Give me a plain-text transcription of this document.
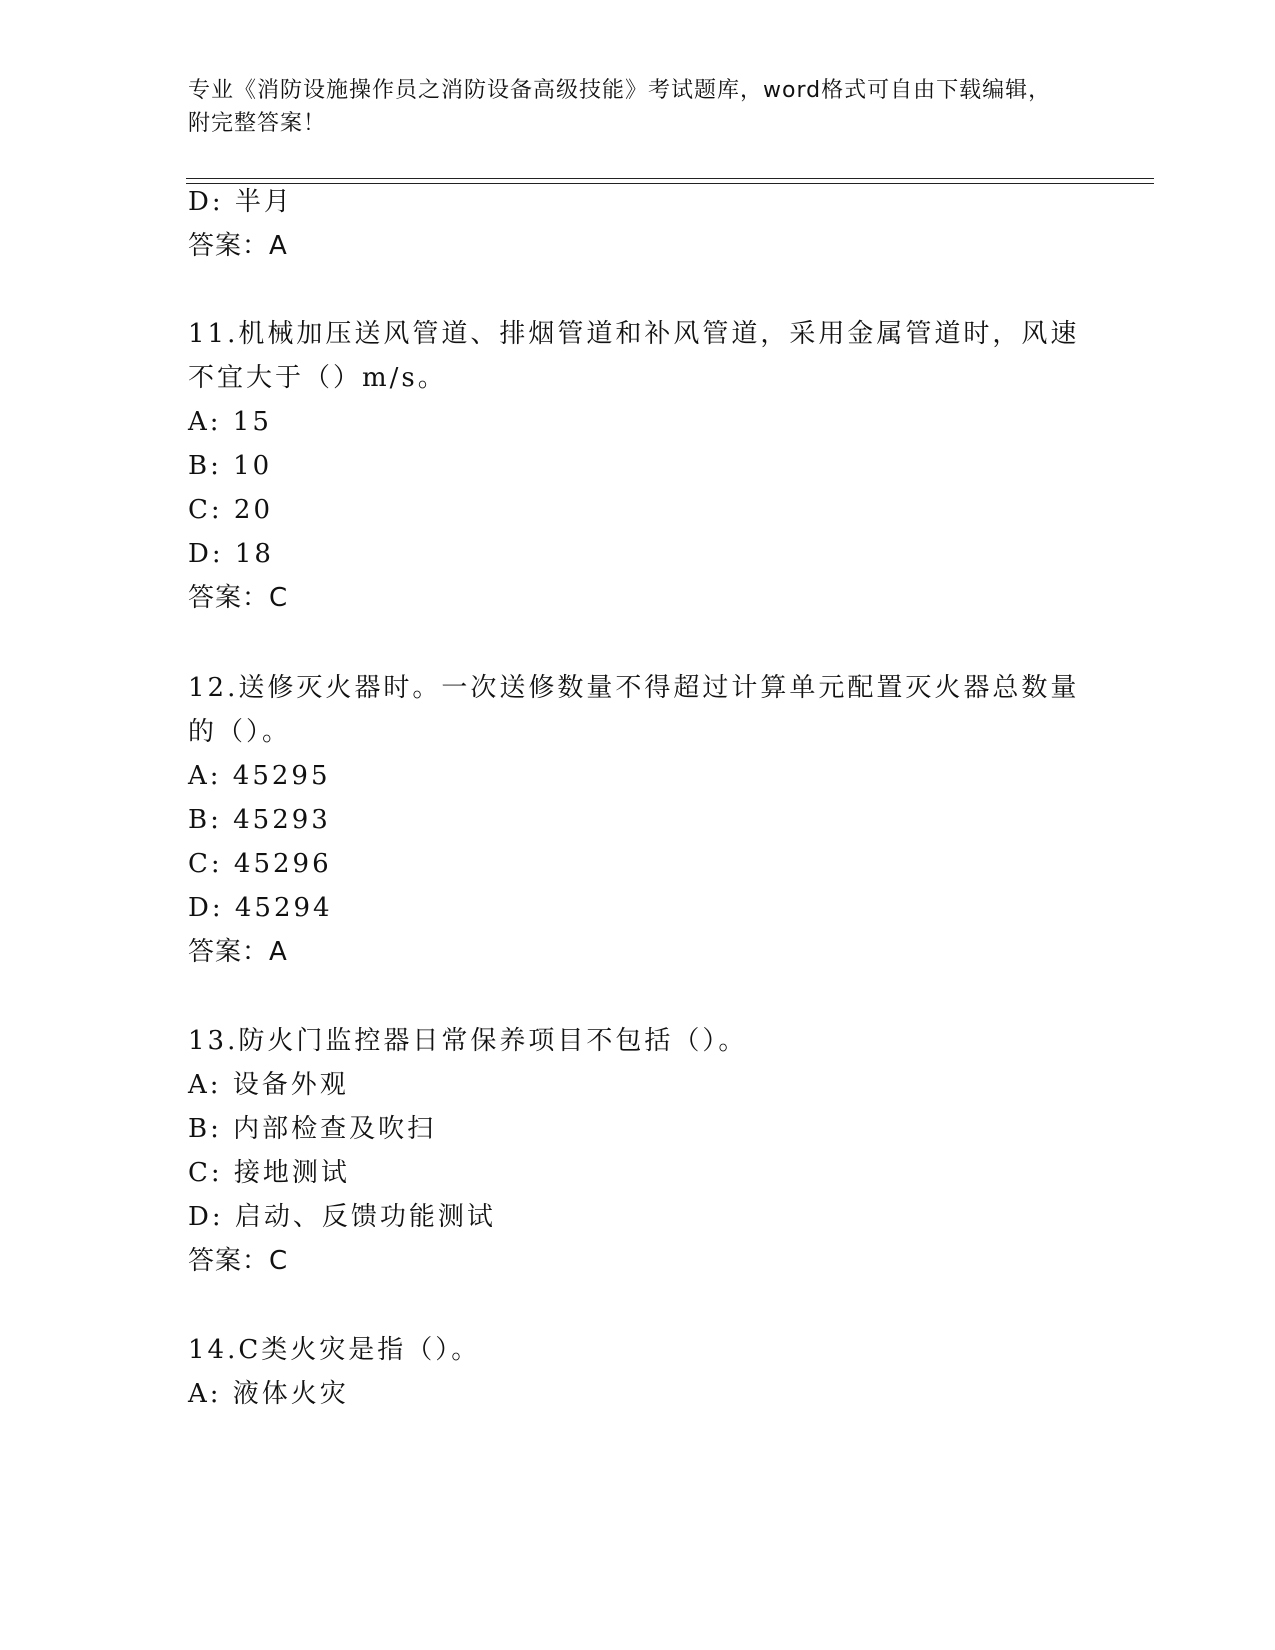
专业《消防设施操作员之消防设备高级技能》考试题库，word格式可自由下载编辑，附完整答案！
D: 半月
答案：A
11.机械加压送风管道、排烟管道和补风管道，采用金属管道时，风速
不宜大于（）m/s。
A: 15
B: 10
C: 20
D: 18
答案：C
12.送修灭火器时。一次送修数量不得超过计算单元配置灭火器总数量
的（）。
A: 45295
B: 45293
C: 45296
D: 45294
答案：A
13.防火门监控器日常保养项目不包括（）。
A: 设备外观
B: 内部检查及吹扫
C: 接地测试
D: 启动、反馈功能测试
答案：C
14.C类火灾是指（）。
A: 液体火灾
